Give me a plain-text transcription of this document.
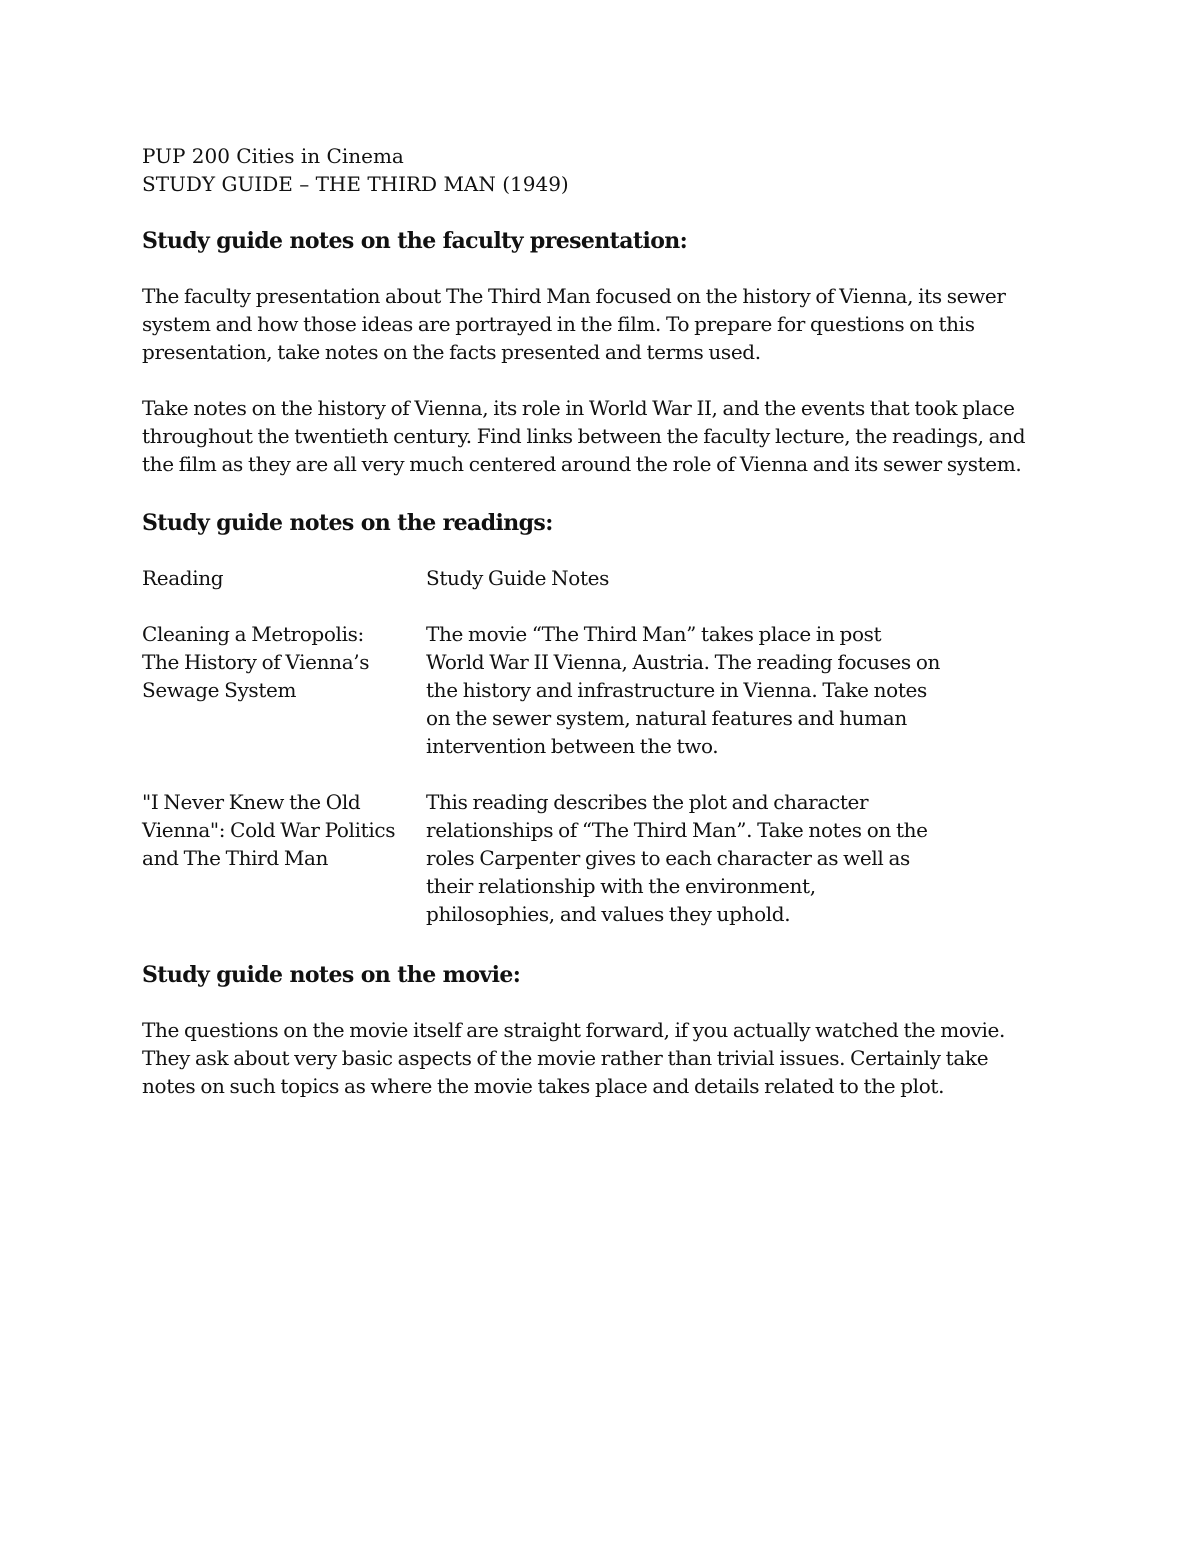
PUP 200 Cities in Cinema

STUDY GUIDE – THE THIRD MAN (1949)

Study guide notes on the faculty presentation:
The faculty presentation about The Third Man focused on the history of Vienna, its sewer
system and how those ideas are portrayed in the film. To prepare for questions on this
presentation, take notes on the facts presented and terms used.
Take notes on the history of Vienna, its role in World War II, and the events that took place
throughout the twentieth century. Find links between the faculty lecture, the readings, and
the film as they are all very much centered around the role of Vienna and its sewer system.
Study guide notes on the readings:
Reading	Study Guide Notes
Cleaning a Metropolis:
The History of Vienna’s
Sewage System
The movie “The Third Man” takes place in post
World War II Vienna, Austria. The reading focuses on
the history and infrastructure in Vienna. Take notes
on the sewer system, natural features and human
intervention between the two.
"I Never Knew the Old
Vienna": Cold War Politics
and The Third Man
This reading describes the plot and character
relationships of “The Third Man”. Take notes on the
roles Carpenter gives to each character as well as
their relationship with the environment,
philosophies, and values they uphold.
Study guide notes on the movie:
The questions on the movie itself are straight forward, if you actually watched the movie.
They ask about very basic aspects of the movie rather than trivial issues. Certainly take
notes on such topics as where the movie takes place and details related to the plot.
